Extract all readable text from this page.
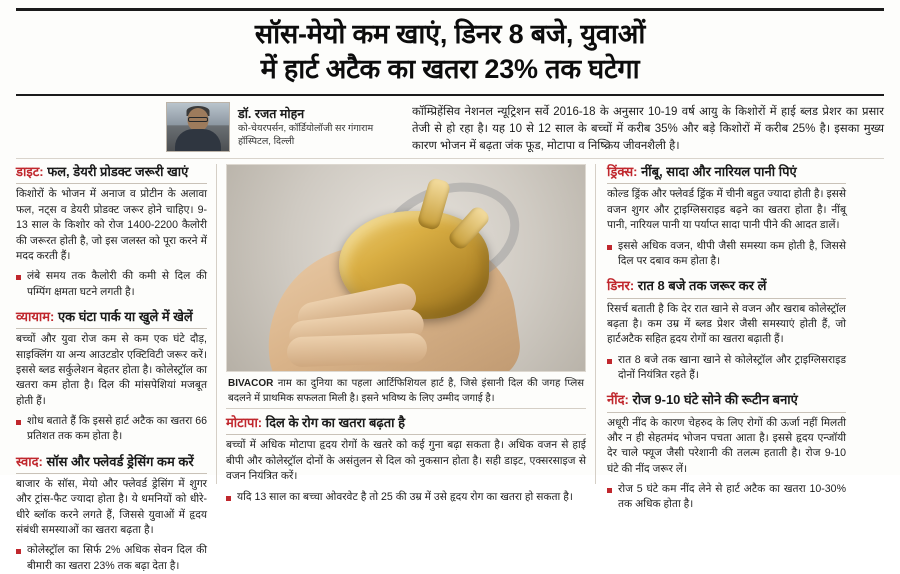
सॉस-मेयो कम खाएं, डिनर 8 बजे, युवाओं
में हार्ट अटैक का खतरा 23% तक घटेगा
डॉ. रजत मोहन
को-चेयरपर्सन, कॉर्डियोलॉजी सर गंगाराम हॉस्पिटल, दिल्ली
कॉम्प्रिहेंसिव नेशनल न्यूट्रिशन सर्वे 2016-18 के अनुसार 10-19 वर्ष आयु के किशोरों में हाई ब्लड प्रेशर का प्रसार तेजी से हो रहा है। यह 10 से 12 साल के बच्चों में करीब 35% और बड़े किशोरों में करीब 25% है। इसका मुख्य कारण भोजन में बढ़ता जंक फूड, मोटापा व निष्क्रिय जीवनशैली है।
डाइट: फल, डेयरी प्रोडक्ट जरूरी खाएं

किशोरों के भोजन में अनाज व प्रोटीन के अलावा फल, नट्स व डेयरी प्रोडक्ट जरूर होने चाहिए। 9-13 साल के किशोर को रोज 1400-2200 कैलोरी की जरूरत होती है, जो इस जलस्त को पूरा करने में मदद करती हैं।

लंबे समय तक कैलोरी की कमी से दिल की पम्पिंग क्षमता घटने लगती है।

व्यायाम: एक घंटा पार्क या खुले में खेलें

बच्चों और युवा रोज कम से कम एक घंटे दौड़, साइक्लिंग या अन्य आउटडोर एक्टिविटी जरूर करें। इससे ब्लड सर्कुलेशन बेहतर होता है। कोलेस्ट्रॉल का खतरा कम होता है। दिल की मांसपेशियां मजबूत होती हैं।

शोध बताते हैं कि इससे हार्ट अटैक का खतरा 66 प्रतिशत तक कम होता है।

स्वाद: सॉस और फ्लेवर्ड ड्रेसिंग कम करें

बाजार के सॉस, मेयो और फ्लेवर्ड ड्रेसिंग में शुगर और ट्रांस-फैट ज्यादा होता है। ये धमनियों को धीरे-धीरे ब्लॉक करने लगते हैं, जिससे युवाओं में हृदय संबंधी समस्याओं का खतरा बढ़ता है।

कोलेस्ट्रॉल का सिर्फ 2% अधिक सेवन दिल की बीमारी का खतरा 23% तक बढ़ा देता है।

BIVACOR नाम का दुनिया का पहला आर्टिफिशियल हार्ट है, जिसे इंसानी दिल की जगह प्लिस बदलने में प्राथमिक सफलता मिली है। इसने भविष्य के लिए उम्मीद जगाई है।
मोटापा: दिल के रोग का खतरा बढ़ता है

बच्चों में अधिक मोटापा हृदय रोगों के खतरे को कई गुना बढ़ा सकता है। अधिक वजन से हाई बीपी और कोलेस्ट्रॉल दोनों के असंतुलन से दिल को नुकसान होता है। सही डाइट, एक्सरसाइज से वजन नियंत्रित करें।

यदि 13 साल का बच्चा ओवरवेट है तो 25 की उम्र में उसे हृदय रोग का खतरा हो सकता है।

ड्रिंक्स: नींबू, सादा और नारियल पानी पिएं

कोल्ड ड्रिंक और फ्लेवर्ड ड्रिंक में चीनी बहुत ज्यादा होती है। इससे वजन शुगर और ट्राइग्लिसराइड बढ़ने का खतरा होता है। नींबू पानी, नारियल पानी या पर्याप्त सादा पानी पीने की आदत डालें।

इससे अधिक वजन, थीपी जैसी समस्या कम होती है, जिससे दिल पर दबाव कम होता है।

डिनर: रात 8 बजे तक जरूर कर लें

रिसर्च बताती है कि देर रात खाने से वजन और खराब कोलेस्ट्रॉल बढ़ता है। कम उम्र में ब्लड प्रेशर जैसी समस्याएं होती हैं, जो हार्टअटैक सहित हृदय रोगों का खतरा बढ़ाती हैं।

रात 8 बजे तक खाना खाने से कोलेस्ट्रॉल और ट्राइग्लिसराइड दोनों नियंत्रित रहते हैं।

नींद: रोज 9-10 घंटे सोने की रूटीन बनाएं

अधूरी नींद के कारण चेहरुद के लिए रोगों की ऊर्जा नहीं मिलती और न ही सेहतमंद भोजन पचता आता है। इससे हृदय एन्जॉयी देर चाले फ्यूज जैसी परेशानी की तलत्म हताती है। रोज 9-10 घंटे की नींद जरूर लें।

रोज 5 घंटे कम नींद लेने से हार्ट अटैक का खतरा 10-30% तक अधिक होता है।
